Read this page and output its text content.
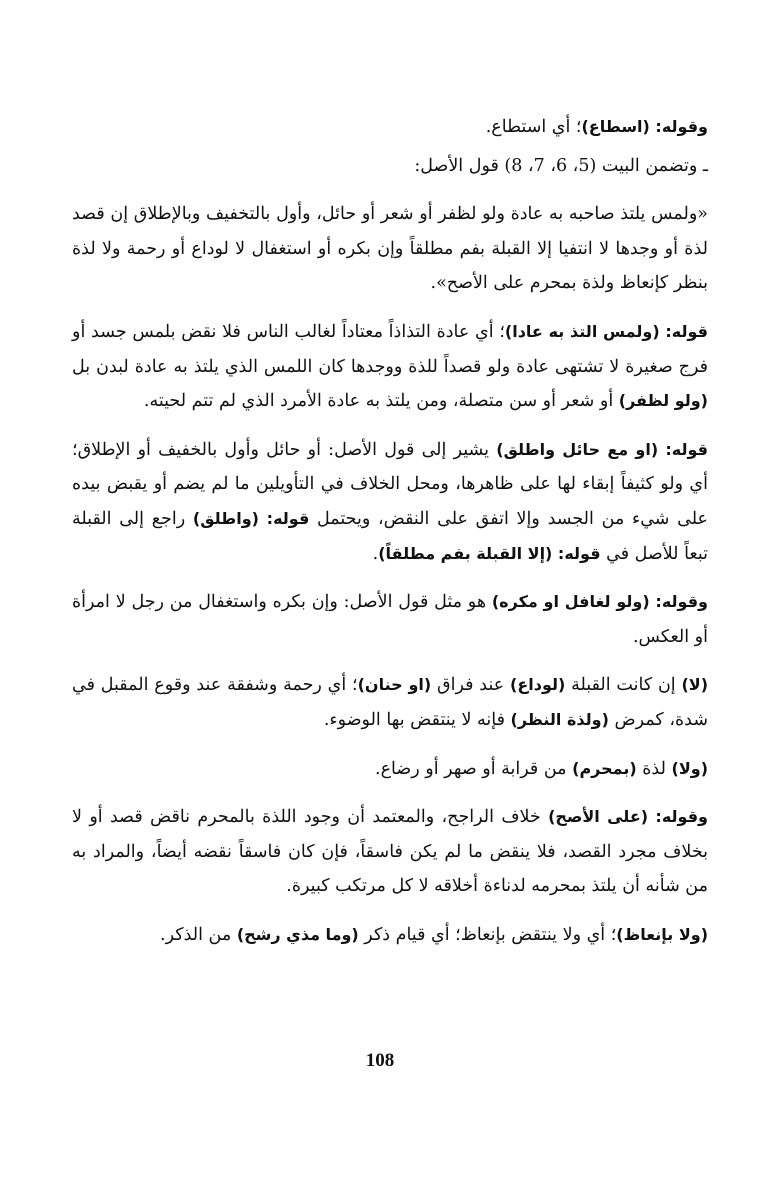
وقوله: (اسطاع)؛ أي استطاع.

ـ وتضمن البيت (5، 6، 7، 8) قول الأصل:

«ولمس يلتذ صاحبه به عادة ولو لظفر أو شعر أو حائل، وأول بالتخفيف وبالإطلاق إن قصد لذة أو وجدها لا انتفيا إلا القبلة بفم مطلقاً وإن بكره أو استغفال لا لوداع أو رحمة ولا لذة بنظر كإنعاظ ولذة بمحرم على الأصح».

قوله: (ولمس التذ به عادا)؛ أي عادة التذاذاً معتاداً لغالب الناس فلا نقض بلمس جسد أو فرج صغيرة لا تشتهى عادة ولو قصداً للذة ووجدها كان اللمس الذي يلتذ به عادة لبدن بل (ولو لظفر) أو شعر أو سن متصلة، ومن يلتذ به عادة الأمرد الذي لم تتم لحيته.

قوله: (او مع حائل واطلق) يشير إلى قول الأصل: أو حائل وأول بالخفيف أو الإطلاق؛ أي ولو كثيفاً إبقاء لها على ظاهرها، ومحل الخلاف في التأويلين ما لم يضم أو يقبض بيده على شيء من الجسد وإلا اتفق على النقض، ويحتمل قوله: (واطلق) راجع إلى القبلة تبعاً للأصل في قوله: (إلا القبلة بفم مطلقاً).

وقوله: (ولو لغافل او مكره) هو مثل قول الأصل: وإن بكره واستغفال من رجل لا امرأة أو العكس.

(لا) إن كانت القبلة (لوداع) عند فراق (او حنان)؛ أي رحمة وشفقة عند وقوع المقبل في شدة، كمرض (ولذة النظر) فإنه لا ينتقض بها الوضوء.

(ولا) لذة (بمحرم) من قرابة أو صهر أو رضاع.

وقوله: (على الأصح) خلاف الراجح، والمعتمد أن وجود اللذة بالمحرم ناقض قصد أو لا بخلاف مجرد القصد، فلا ينقض ما لم يكن فاسقاً، فإن كان فاسقاً نقضه أيضاً، والمراد به من شأنه أن يلتذ بمحرمه لدناءة أخلاقه لا كل مرتكب كبيرة.

(ولا بإنعاظ)؛ أي ولا ينتقض بإنعاظ؛ أي قيام ذكر (وما مذي رشح) من الذكر.

108
